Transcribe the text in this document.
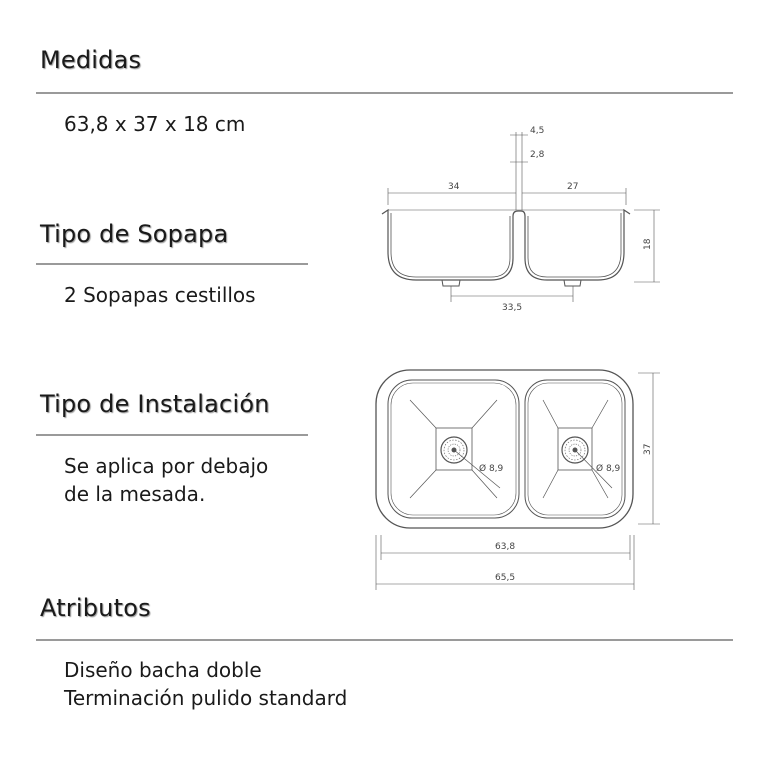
Medidas
63,8 x 37 x 18 cm
Tipo de Sopapa
2 Sopapas cestillos
Tipo de Instalación
Se aplica por debajo
de la mesada.
Atributos
Diseño bacha doble
Terminación pulido standard
4,5
2,8
34	27
18
33,5
Ø 8,9	Ø 8,9
37
63,8
65,5
